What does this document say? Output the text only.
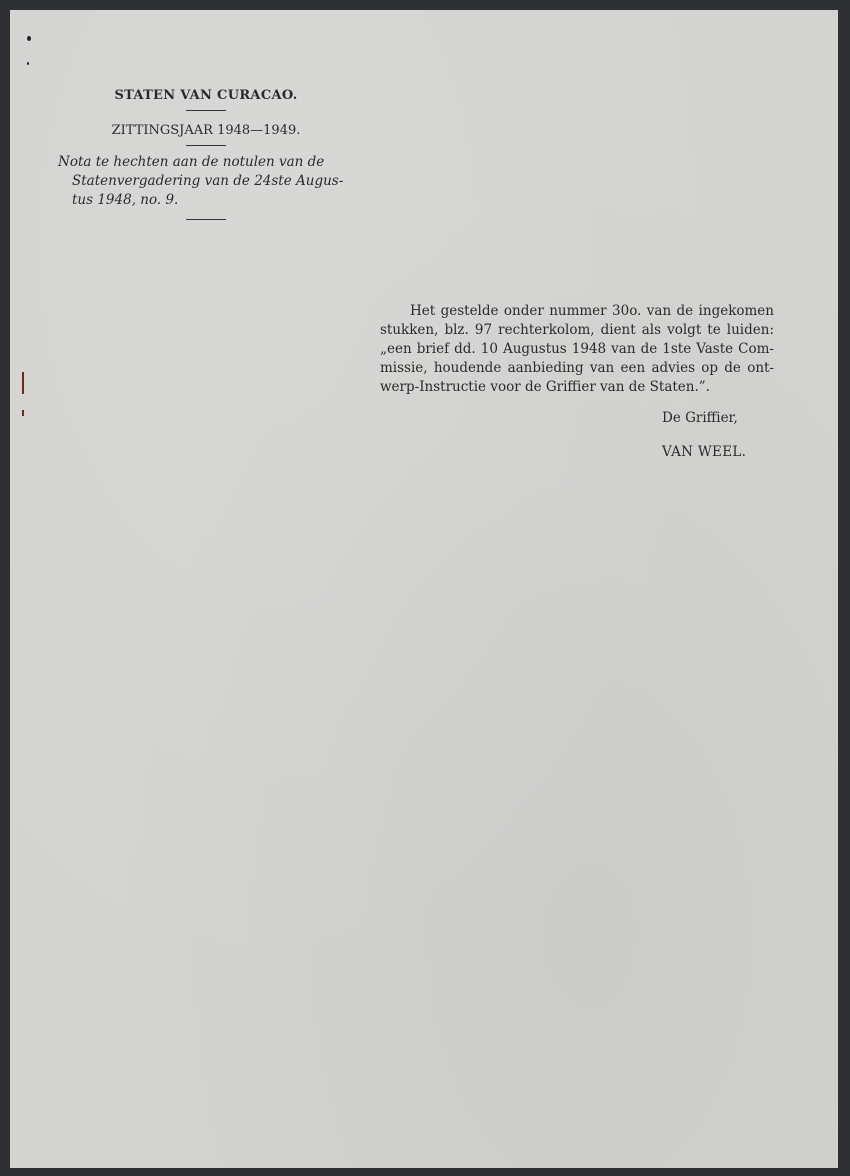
STATEN VAN CURACAO.

ZITTINGSJAAR 1948—1949.

Nota te hechten aan de notulen van de
Statenvergadering van de 24ste Augus-
tus 1948, no. 9.
Het gestelde onder nummer 30o. van de ingekomen
stukken, blz. 97 rechterkolom, dient als volgt te luiden:
„een brief dd. 10 Augustus 1948 van de 1ste Vaste Com-
missie, houdende aanbieding van een advies op de ont-
werp-Instructie voor de Griffier van de Staten.”.

De Griffier,

VAN WEEL.
